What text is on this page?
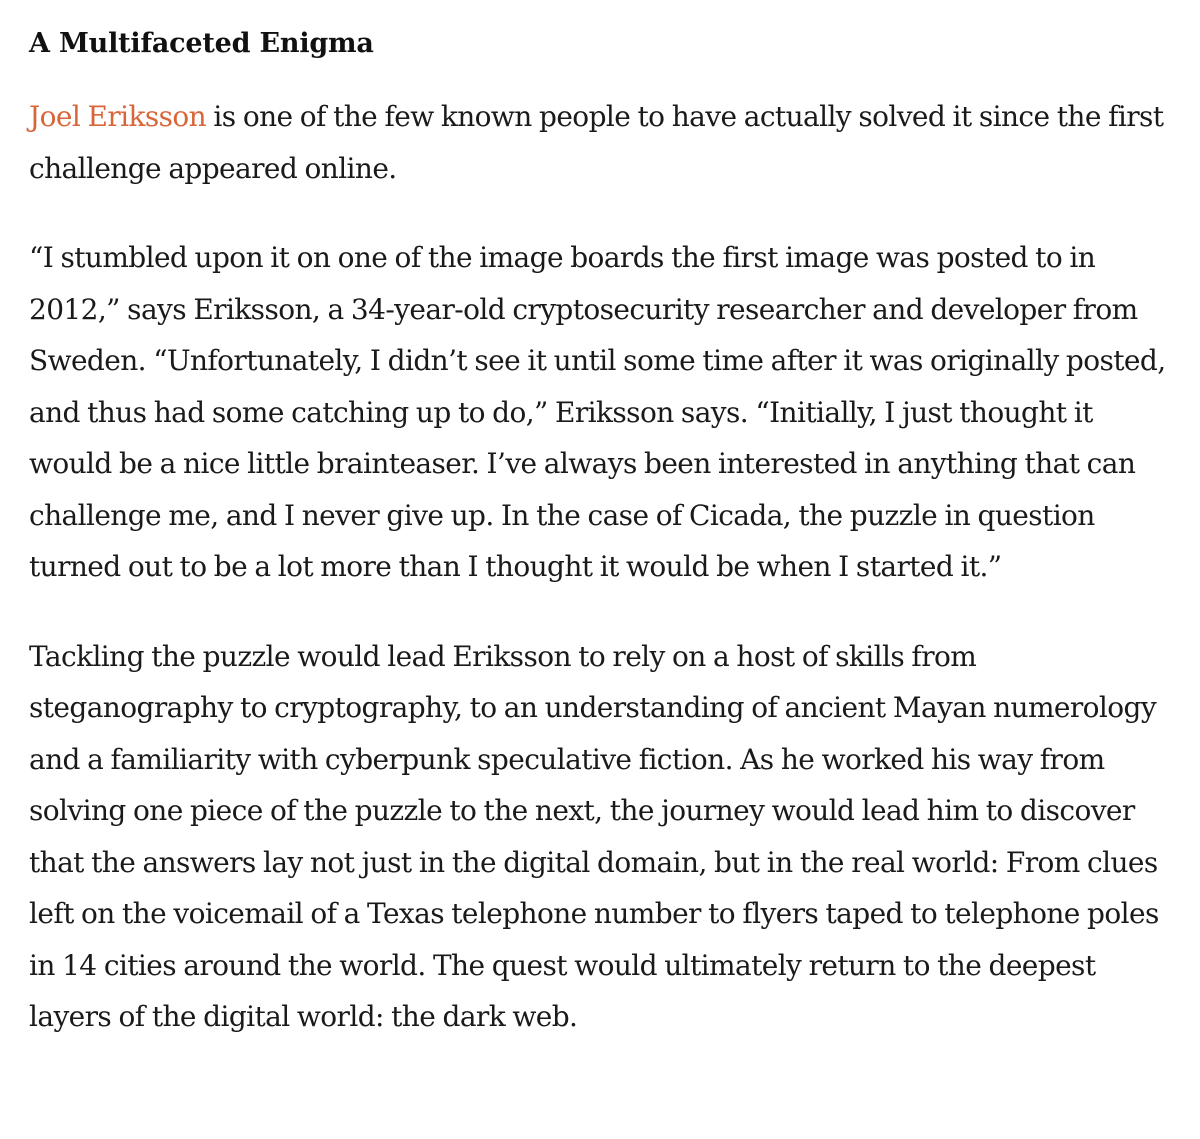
A Multifaceted Enigma

Joel Eriksson is one of the few known people to have actually solved it since the first challenge appeared online.

“I stumbled upon it on one of the image boards the first image was posted to in 2012,” says Eriksson, a 34-year-old cryptosecurity researcher and developer from Sweden. “Unfortunately, I didn’t see it until some time after it was originally posted, and thus had some catching up to do,” Eriksson says. “Initially, I just thought it would be a nice little brainteaser. I’ve always been interested in anything that can challenge me, and I never give up. In the case of Cicada, the puzzle in question turned out to be a lot more than I thought it would be when I started it.”

Tackling the puzzle would lead Eriksson to rely on a host of skills from steganography to cryptography, to an understanding of ancient Mayan numerology and a familiarity with cyberpunk speculative fiction. As he worked his way from solving one piece of the puzzle to the next, the journey would lead him to discover that the answers lay not just in the digital domain, but in the real world: From clues left on the voicemail of a Texas telephone number to flyers taped to telephone poles in 14 cities around the world. The quest would ultimately return to the deepest layers of the digital world: the dark web.
